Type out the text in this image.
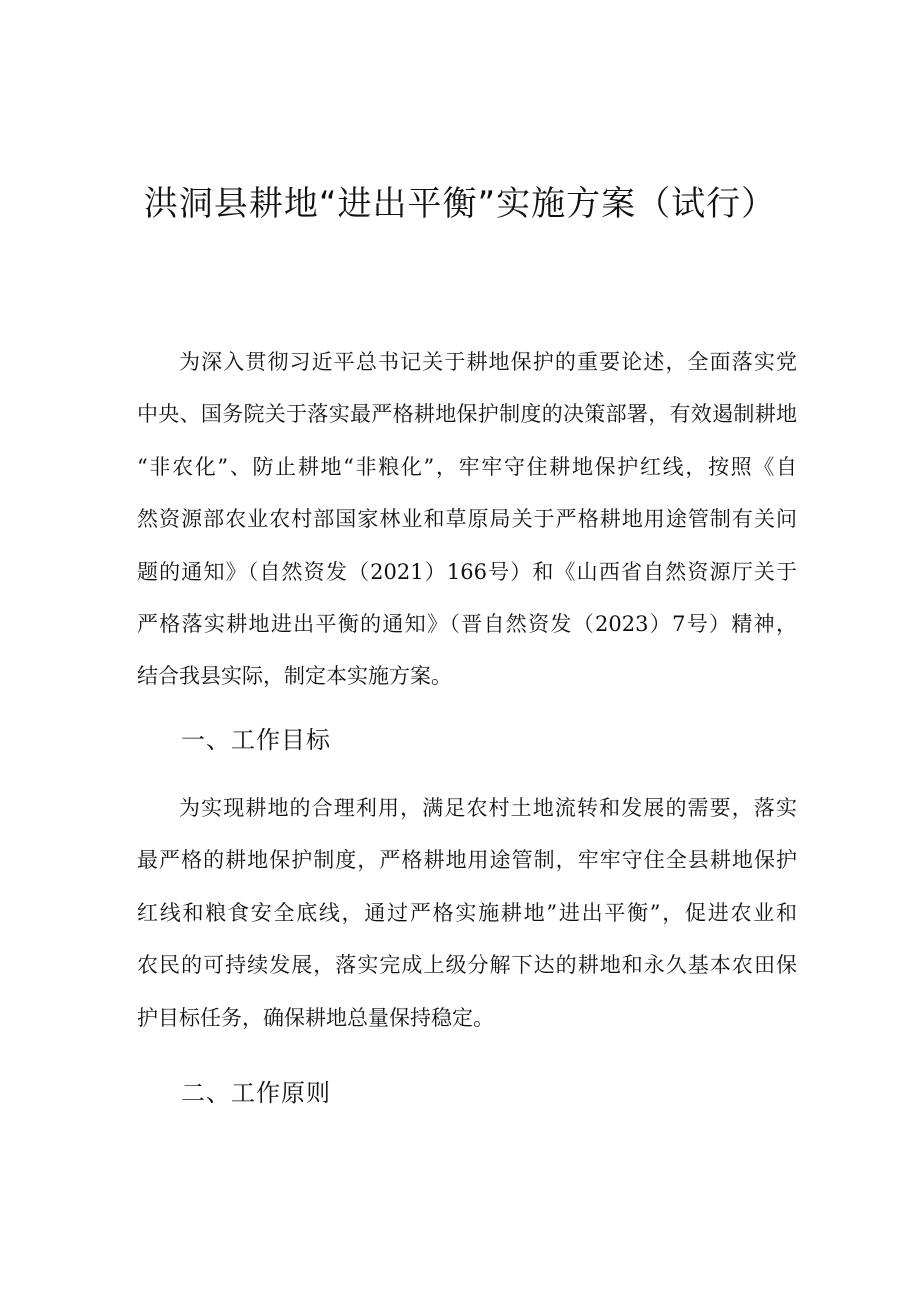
洪洞县耕地“进出平衡”实施方案（试行）
为深入贯彻习近平总书记关于耕地保护的重要论述，全面落实党
中央、国务院关于落实最严格耕地保护制度的决策部署，有效遏制耕地
“非农化”、防止耕地“非粮化”，牢牢守住耕地保护红线，按照《自
然资源部农业农村部国家林业和草原局关于严格耕地用途管制有关问
题的通知》（自然资发（2021）166号）和《山西省自然资源厅关于
严格落实耕地进出平衡的通知》（晋自然资发（2023）7号）精神，
结合我县实际，制定本实施方案。
一、工作目标
为实现耕地的合理利用，满足农村土地流转和发展的需要，落实
最严格的耕地保护制度，严格耕地用途管制，牢牢守住全县耕地保护
红线和粮食安全底线，通过严格实施耕地”进出平衡”，促进农业和
农民的可持续发展，落实完成上级分解下达的耕地和永久基本农田保
护目标任务，确保耕地总量保持稳定。
二、工作原则
